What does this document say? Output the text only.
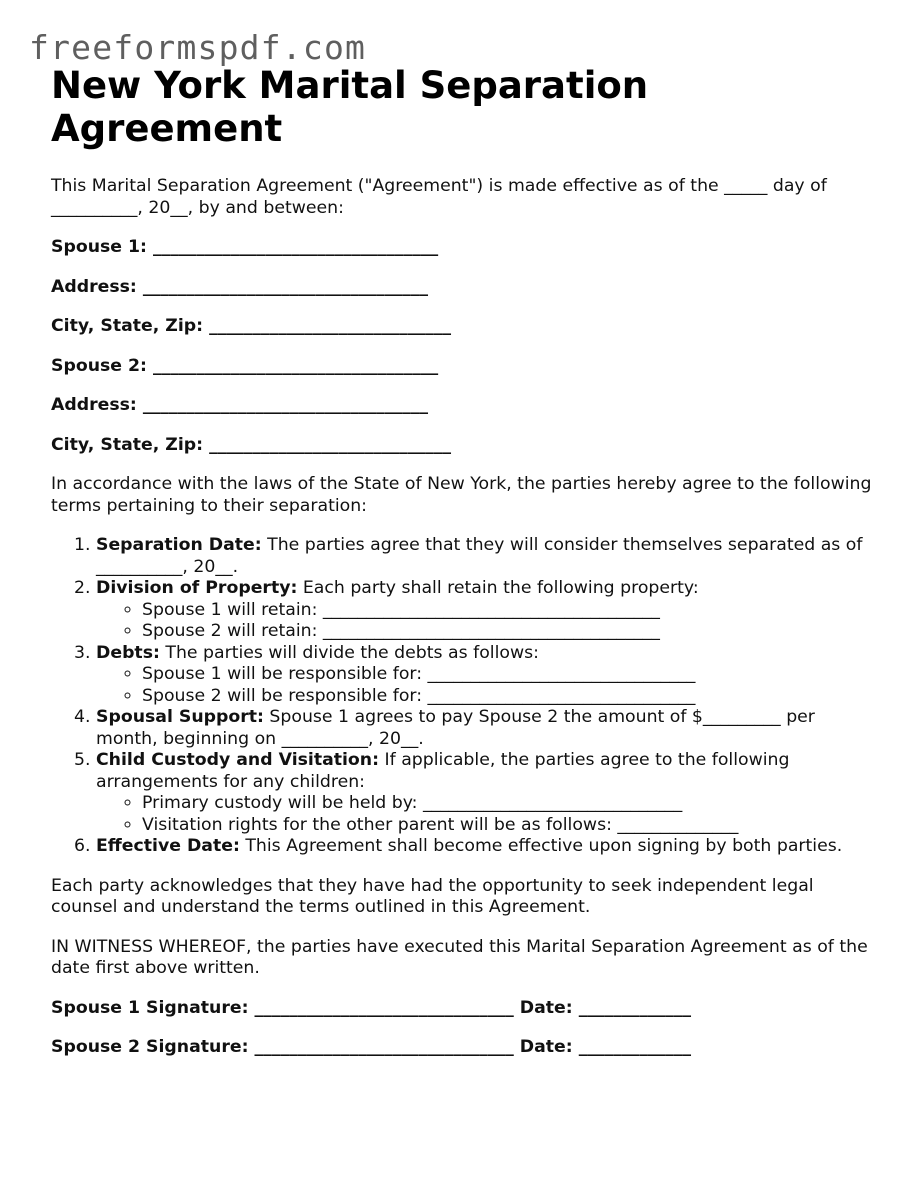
freeformspdf.com
New York Marital Separation Agreement

This Marital Separation Agreement ("Agreement") is made effective as of the _____ day of __________, 20__, by and between:

Spouse 1: _________________________________

Address: _________________________________

City, State, Zip: ____________________________

Spouse 2: _________________________________

Address: _________________________________

City, State, Zip: ____________________________

In accordance with the laws of the State of New York, the parties hereby agree to the following terms pertaining to their separation:

1. Separation Date: The parties agree that they will consider themselves separated as of __________, 20__.
2. Division of Property: Each party shall retain the following property:
◦ Spouse 1 will retain: _______________________________________
◦ Spouse 2 will retain: _______________________________________
3. Debts: The parties will divide the debts as follows:
◦ Spouse 1 will be responsible for: _______________________________
◦ Spouse 2 will be responsible for: _______________________________
4. Spousal Support: Spouse 1 agrees to pay Spouse 2 the amount of $_________ per month, beginning on __________, 20__.
5. Child Custody and Visitation: If applicable, the parties agree to the following arrangements for any children:
◦ Primary custody will be held by: ______________________________
◦ Visitation rights for the other parent will be as follows: ______________
6. Effective Date: This Agreement shall become effective upon signing by both parties.

Each party acknowledges that they have had the opportunity to seek independent legal counsel and understand the terms outlined in this Agreement.

IN WITNESS WHEREOF, the parties have executed this Marital Separation Agreement as of the date first above written.

Spouse 1 Signature: ______________________________ Date: _____________

Spouse 2 Signature: ______________________________ Date: _____________
